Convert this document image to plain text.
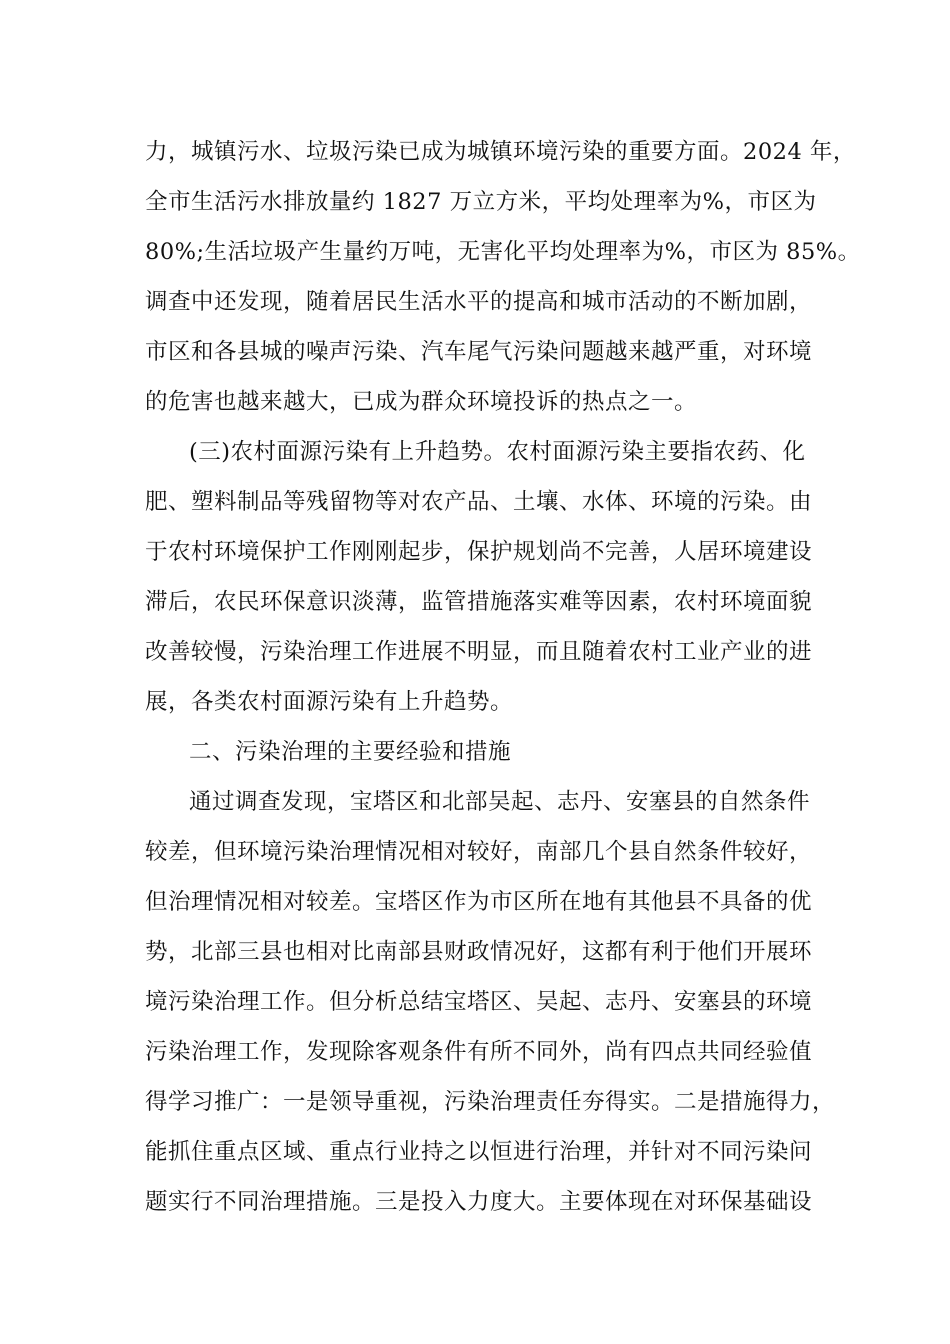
力，城镇污水、垃圾污染已成为城镇环境污染的重要方面。2024 年，
全市生活污水排放量约 1827 万立方米，平均处理率为%，市区为
80%;生活垃圾产生量约万吨，无害化平均处理率为%，市区为 85%。
调查中还发现，随着居民生活水平的提高和城市活动的不断加剧，
市区和各县城的噪声污染、汽车尾气污染问题越来越严重，对环境
的危害也越来越大，已成为群众环境投诉的热点之一。
(三)农村面源污染有上升趋势。农村面源污染主要指农药、化
肥、塑料制品等残留物等对农产品、土壤、水体、环境的污染。由
于农村环境保护工作刚刚起步，保护规划尚不完善，人居环境建设
滞后，农民环保意识淡薄，监管措施落实难等因素，农村环境面貌
改善较慢，污染治理工作进展不明显，而且随着农村工业产业的进
展，各类农村面源污染有上升趋势。
二、污染治理的主要经验和措施
通过调查发现，宝塔区和北部吴起、志丹、安塞县的自然条件
较差，但环境污染治理情况相对较好，南部几个县自然条件较好，
但治理情况相对较差。宝塔区作为市区所在地有其他县不具备的优
势，北部三县也相对比南部县财政情况好，这都有利于他们开展环
境污染治理工作。但分析总结宝塔区、吴起、志丹、安塞县的环境
污染治理工作，发现除客观条件有所不同外，尚有四点共同经验值
得学习推广：一是领导重视，污染治理责任夯得实。二是措施得力，
能抓住重点区域、重点行业持之以恒进行治理，并针对不同污染问
题实行不同治理措施。三是投入力度大。主要体现在对环保基础设
